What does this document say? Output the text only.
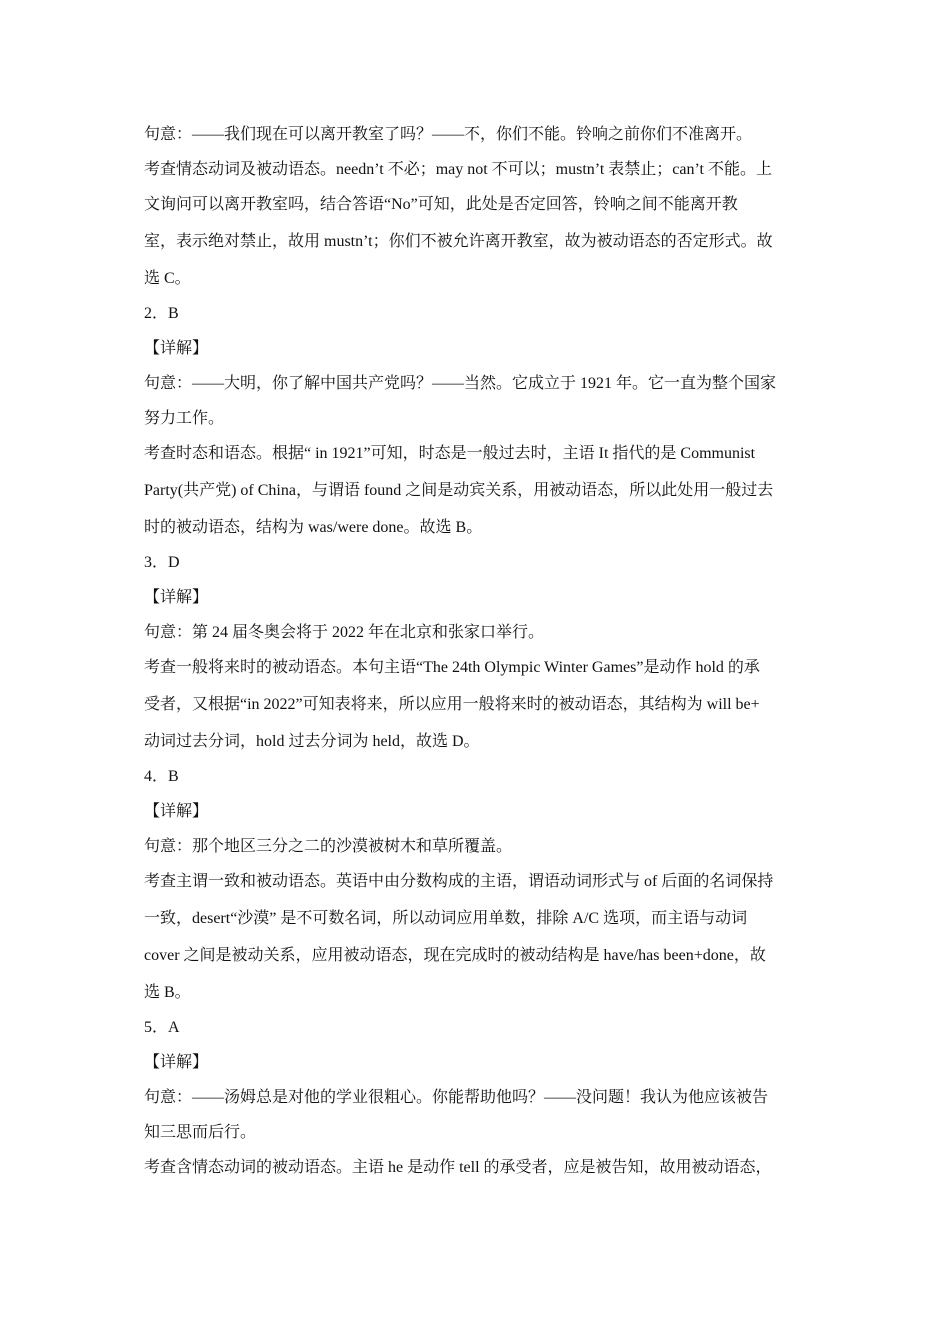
句意：——我们现在可以离开教室了吗？——不，你们不能。铃响之前你们不准离开。
考查情态动词及被动语态。needn’t 不必；may not 不可以；mustn’t 表禁止；can’t 不能。上
文询问可以离开教室吗，结合答语“No”可知，此处是否定回答，铃响之间不能离开教
室，表示绝对禁止，故用 mustn’t；你们不被允许离开教室，故为被动语态的否定形式。故
选 C。
2．B
【详解】
句意：——大明，你了解中国共产党吗？——当然。它成立于 1921 年。它一直为整个国家
努力工作。
考查时态和语态。根据“ in 1921”可知，时态是一般过去时，主语 It 指代的是 Communist
Party(共产党) of China，与谓语 found 之间是动宾关系，用被动语态，所以此处用一般过去
时的被动语态，结构为 was/were done。故选 B。
3．D
【详解】
句意：第 24 届冬奥会将于 2022 年在北京和张家口举行。
考查一般将来时的被动语态。本句主语“The 24th Olympic Winter Games”是动作 hold 的承
受者，又根据“in 2022”可知表将来，所以应用一般将来时的被动语态，其结构为 will be+
动词过去分词，hold 过去分词为 held，故选 D。
4．B
【详解】
句意：那个地区三分之二的沙漠被树木和草所覆盖。
考查主谓一致和被动语态。英语中由分数构成的主语，谓语动词形式与 of 后面的名词保持
一致，desert“沙漠” 是不可数名词，所以动词应用单数，排除 A/C 选项，而主语与动词
cover 之间是被动关系，应用被动语态，现在完成时的被动结构是 have/has been+done，故
选 B。
5．A
【详解】
句意：——汤姆总是对他的学业很粗心。你能帮助他吗？——没问题！我认为他应该被告
知三思而后行。
考查含情态动词的被动语态。主语 he 是动作 tell 的承受者，应是被告知，故用被动语态，
